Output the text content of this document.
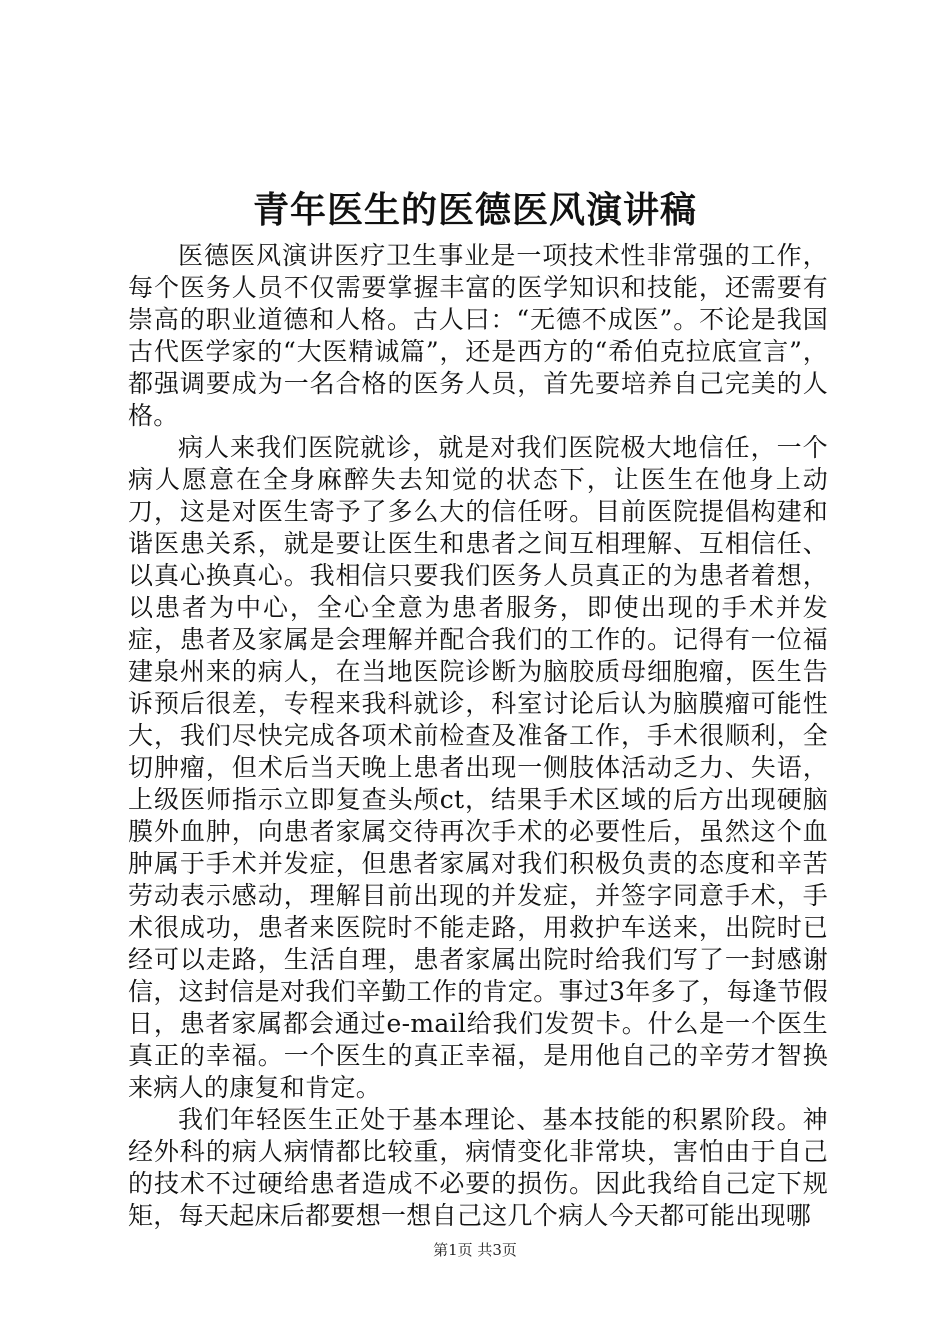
青年医生的医德医风演讲稿

医德医风演讲医疗卫生事业是一项技术性非常强的工作，每个医务人员不仅需要掌握丰富的医学知识和技能，还需要有崇高的职业道德和人格。古人曰：“无德不成医”。不论是我国古代医学家的“大医精诚篇”，还是西方的“希伯克拉底宣言”，都强调要成为一名合格的医务人员，首先要培养自己完美的人格。

病人来我们医院就诊，就是对我们医院极大地信任，一个病人愿意在全身麻醉失去知觉的状态下，让医生在他身上动刀，这是对医生寄予了多么大的信任呀。目前医院提倡构建和谐医患关系，就是要让医生和患者之间互相理解、互相信任、以真心换真心。我相信只要我们医务人员真正的为患者着想，以患者为中心，全心全意为患者服务，即使出现的手术并发症，患者及家属是会理解并配合我们的工作的。记得有一位福建泉州来的病人，在当地医院诊断为脑胶质母细胞瘤，医生告诉预后很差，专程来我科就诊，科室讨论后认为脑膜瘤可能性大，我们尽快完成各项术前检查及准备工作，手术很顺利，全切肿瘤，但术后当天晚上患者出现一侧肢体活动乏力、失语，上级医师指示立即复查头颅ct，结果手术区域的后方出现硬脑膜外血肿，向患者家属交待再次手术的必要性后，虽然这个血肿属于手术并发症，但患者家属对我们积极负责的态度和辛苦劳动表示感动，理解目前出现的并发症，并签字同意手术，手术很成功，患者来医院时不能走路，用救护车送来，出院时已经可以走路，生活自理，患者家属出院时给我们写了一封感谢信，这封信是对我们辛勤工作的肯定。事过3年多了，每逢节假日，患者家属都会通过e-mail给我们发贺卡。什么是一个医生真正的幸福。一个医生的真正幸福，是用他自己的辛劳才智换来病人的康复和肯定。

我们年轻医生正处于基本理论、基本技能的积累阶段。神经外科的病人病情都比较重，病情变化非常块，害怕由于自己的技术不过硬给患者造成不必要的损伤。因此我给自己定下规矩，每天起床后都要想一想自己这几个病人今天都可能出现哪

第1页 共3页
